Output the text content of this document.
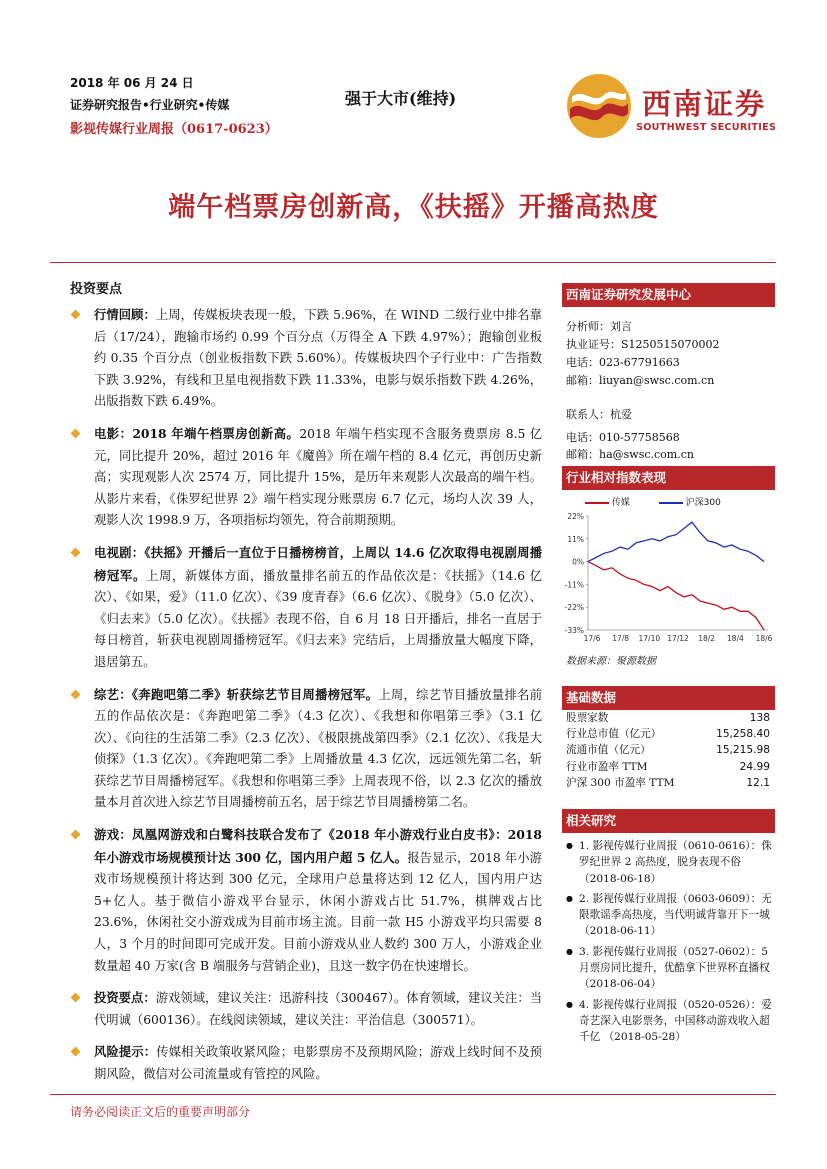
2018 年 06 月 24 日
证券研究报告•行业研究•传媒
影视传媒行业周报（0617-0623）
强于大市(维持)	西南证券
SOUTHWEST SECURITIES
端午档票房创新高，《扶摇》开播高热度
投资要点
行情回顾：上周，传媒板块表现一般，下跌 5.96%，在 WIND 二级行业中排名靠后（17/24），跑输市场约 0.99 个百分点（万得全 A 下跌 4.97%）；跑输创业板约 0.35 个百分点（创业板指数下跌 5.60%）。传媒板块四个子行业中：广告指数下跌 3.92%，有线和卫星电视指数下跌 11.33%，电影与娱乐指数下跌 4.26%，出版指数下跌 6.49%。
电影：2018 年端午档票房创新高。2018 年端午档实现不含服务费票房 8.5 亿元，同比提升 20%，超过 2016 年《魔兽》所在端午档的 8.4 亿元，再创历史新高；实现观影人次 2574 万，同比提升 15%，是历年来观影人次最高的端午档。从影片来看，《侏罗纪世界 2》端午档实现分账票房 6.7 亿元，场均人次 39 人，观影人次 1998.9 万，各项指标均领先，符合前期预期。
电视剧：《扶摇》开播后一直位于日播榜榜首，上周以 14.6 亿次取得电视剧周播榜冠军。上周，新媒体方面，播放量排名前五的作品依次是：《扶摇》（14.6 亿次）、《如果，爱》（11.0 亿次）、《39 度青春》（6.6 亿次）、《脱身》（5.0 亿次）、《归去来》（5.0 亿次）。《扶摇》表现不俗，自 6 月 18 日开播后，排名一直居于每日榜首，斩获电视剧周播榜冠军。《归去来》完结后，上周播放量大幅度下降，退居第五。
综艺：《奔跑吧第二季》斩获综艺节目周播榜冠军。上周，综艺节目播放量排名前五的作品依次是：《奔跑吧第二季》（4.3 亿次）、《我想和你唱第三季》（3.1 亿次）、《向往的生活第二季》（2.3 亿次）、《极限挑战第四季》（2.1 亿次）、《我是大侦探》（1.3 亿次）。《奔跑吧第二季》上周播放量 4.3 亿次，远远领先第二名，斩获综艺节目周播榜冠军。《我想和你唱第三季》上周表现不俗，以 2.3 亿次的播放量本月首次进入综艺节目周播榜前五名，居于综艺节目周播榜第二名。
游戏：凤凰网游戏和白鹭科技联合发布了《2018 年小游戏行业白皮书》：2018 年小游戏市场规模预计达 300 亿，国内用户超 5 亿人。报告显示，2018 年小游戏市场规模预计将达到 300 亿元，全球用户总量将达到 12 亿人，国内用户达 5+亿人。基于微信小游戏平台显示，休闲小游戏占比 51.7%，棋牌戏占比 23.6%，休闲社交小游戏成为目前市场主流。目前一款 H5 小游戏平均只需要 8 人，3 个月的时间即可完成开发。目前小游戏从业人数约 300 万人，小游戏企业数量超 40 万家(含 B 端服务与营销企业)，且这一数字仍在快速增长。
投资要点：游戏领域，建议关注：迅游科技（300467）。体育领域，建议关注：当代明诚（600136）。在线阅读领域，建议关注：平治信息（300571）。
风险提示：传媒相关政策收紧风险；电影票房不及预期风险；游戏上线时间不及预期风险，微信对公司流量或有管控的风险。
西南证券研究发展中心
分析师：刘言
执业证号：S1250515070002
电话：023-67791663
邮箱：liuyan@swsc.com.cn
联系人：杭爱
电话：010-57758568
邮箱：ha@swsc.com.cn
行业相对指数表现
传媒	沪深300
22%
11%
0%
-11%
-22%
-33%
17/6 17/8 17/10 17/12 18/2 18/4 18/6
数据来源：聚源数据
基础数据
股票家数	138
行业总市值（亿元）	15,258.40
流通市值（亿元）	15,215.98
行业市盈率 TTM	24.99
沪深 300 市盈率 TTM	12.1
相关研究
● 1. 影视传媒行业周报（0610-0616）：侏罗纪世界 2 高热度，脱身表现不俗 （2018-06-18）
● 2. 影视传媒行业周报（0603-0609）：无限歌谣季高热度，当代明诚背靠开下一城 （2018-06-11）
● 3. 影视传媒行业周报（0527-0602）：5 月票房同比提升，优酷拿下世界杯直播权 （2018-06-04）
● 4. 影视传媒行业周报（0520-0526）：爱奇艺深入电影票务，中国移动游戏收入超千亿 （2018-05-28）
请务必阅读正文后的重要声明部分
